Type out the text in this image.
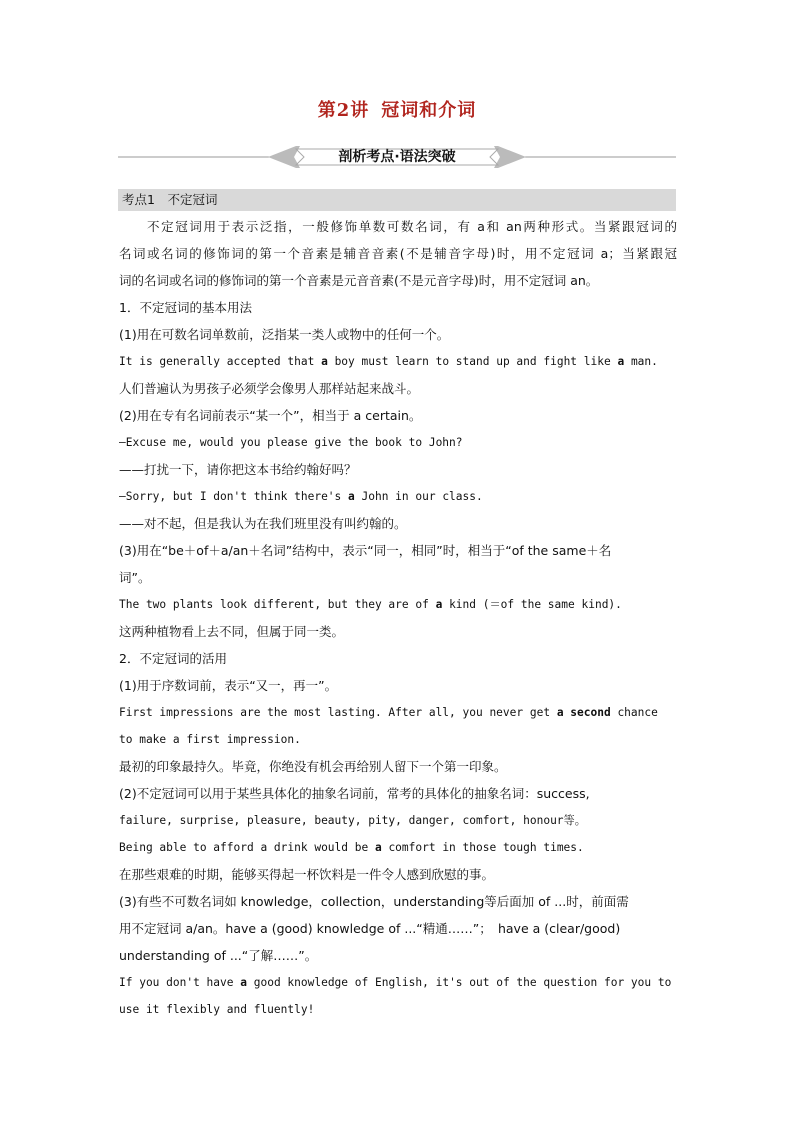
第2讲 冠词和介词
剖析考点·语法突破
考点1　不定冠词
不定冠词用于表示泛指，一般修饰单数可数名词，有 a和 an两种形式。当紧跟冠词的
名词或名词的修饰词的第一个音素是辅音音素(不是辅音字母)时，用不定冠词 a；当紧跟冠
词的名词或名词的修饰词的第一个音素是元音音素(不是元音字母)时，用不定冠词 an。
1．不定冠词的基本用法
(1)用在可数名词单数前，泛指某一类人或物中的任何一个。
It is generally accepted that a boy must learn to stand up and fight like a man.
人们普遍认为男孩子必须学会像男人那样站起来战斗。
(2)用在专有名词前表示“某一个”，相当于 a certain。
—Excuse me, would you please give the book to John?
——打扰一下，请你把这本书给约翰好吗？
—Sorry, but I don't think there's a John in our class.
——对不起，但是我认为在我们班里没有叫约翰的。
(3)用在“be＋of＋a/an＋名词”结构中，表示“同一，相同”时，相当于“of the same＋名
词”。
The two plants look different, but they are of a kind (＝of the same kind).
这两种植物看上去不同，但属于同一类。
2．不定冠词的活用
(1)用于序数词前，表示“又一，再一”。
First impressions are the most lasting. After all, you never get a second chance
to make a first impression.
最初的印象最持久。毕竟，你绝没有机会再给别人留下一个第一印象。
(2)不定冠词可以用于某些具体化的抽象名词前，常考的具体化的抽象名词：success,
failure, surprise, pleasure, beauty, pity, danger, comfort, honour等。
Being able to afford a drink would be a comfort in those tough times.
在那些艰难的时期，能够买得起一杯饮料是一件令人感到欣慰的事。
(3)有些不可数名词如 knowledge，collection，understanding等后面加 of ...时，前面需
用不定冠词 a/an。have a (good) knowledge of ...“精通……”；　have a (clear/good)
understanding of ...“了解……”。
If you don't have a good knowledge of English, it's out of the question for you to
use it flexibly and fluently!
